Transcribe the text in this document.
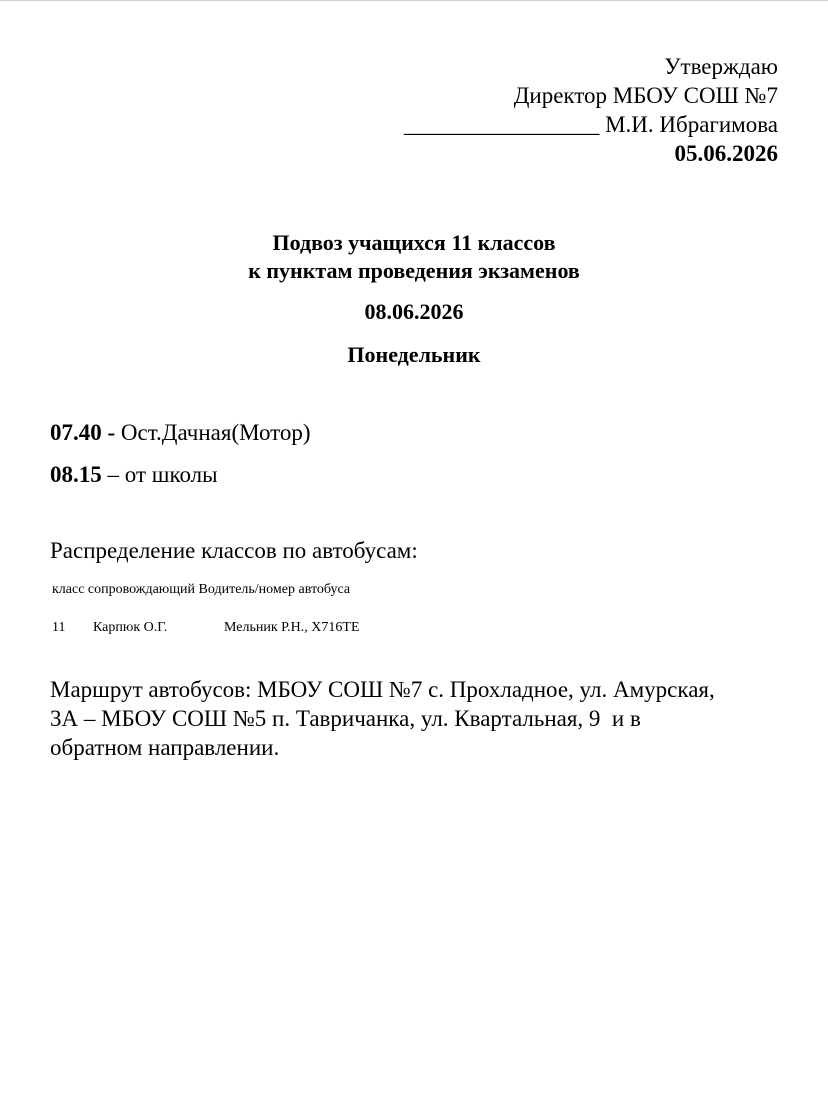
Утверждаю
Директор МБОУ СОШ №7
_________________ М.И. Ибрагимова
05.06.2026
Подвоз учащихся 11 классов
к пунктам проведения экзаменов
08.06.2026
Понедельник
07.40 - Ост.Дачная(Мотор)
08.15 – от школы
Распределение классов по автобусам:
класс сопровождающий Водитель/номер автобуса
11 Карпюк О.Г.	Мельник Р.Н., Х716ТЕ
Маршрут автобусов: МБОУ СОШ №7 с. Прохладное, ул. Амурская,
3А – МБОУ СОШ №5 п. Тавричанка, ул. Квартальная, 9  и в
обратном направлении.
